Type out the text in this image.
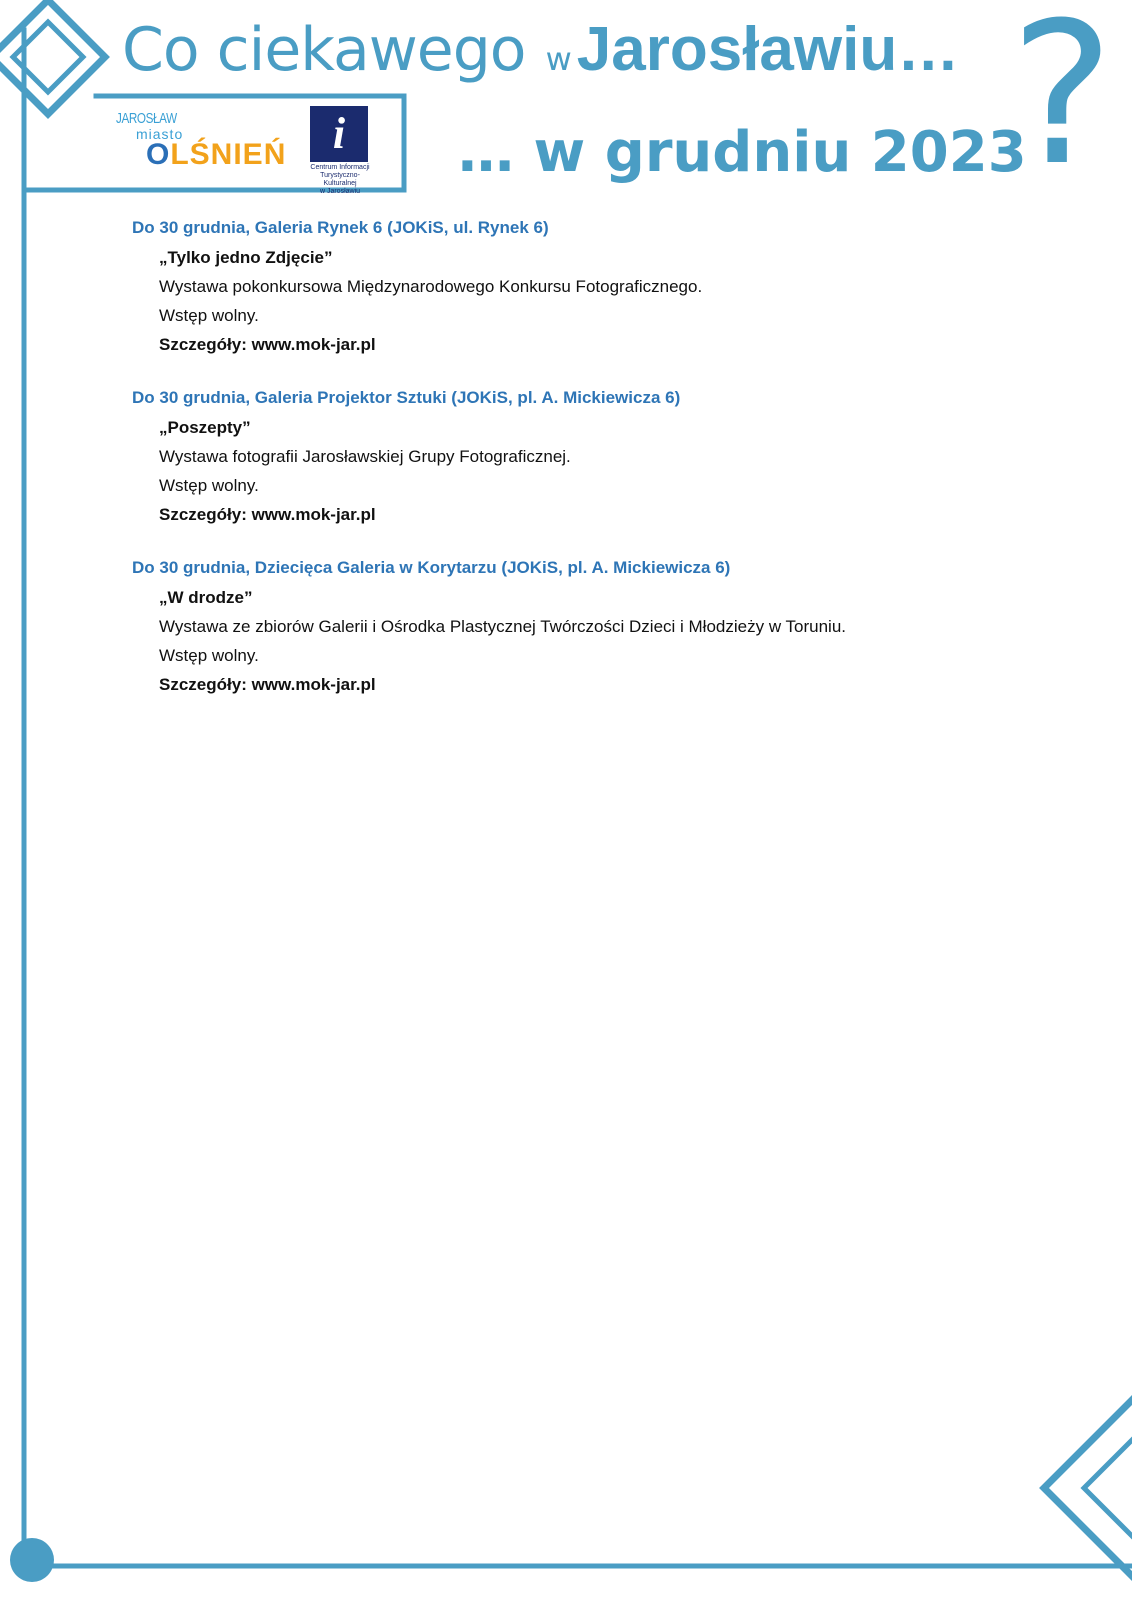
Co ciekawego wJarosławiu… ?
JAROSŁAW
miasto
OLŚNIEŃ	i
Centrum Informacji
Turystyczno-Kulturalnej
w Jarosławiu
… w grudniu 2023

Do 30 grudnia, Galeria Rynek 6 (JOKiS, ul. Rynek 6)

„Tylko jedno Zdjęcie”

Wystawa pokonkursowa Międzynarodowego Konkursu Fotograficznego.

Wstęp wolny.

Szczegóły: www.mok-jar.pl

Do 30 grudnia, Galeria Projektor Sztuki (JOKiS, pl. A. Mickiewicza 6)

„Poszepty”

Wystawa fotografii Jarosławskiej Grupy Fotograficznej.

Wstęp wolny.

Szczegóły: www.mok-jar.pl

Do 30 grudnia, Dziecięca Galeria w Korytarzu (JOKiS, pl. A. Mickiewicza 6)

„W drodze”

Wystawa ze zbiorów Galerii i Ośrodka Plastycznej Twórczości Dzieci i Młodzieży w Toruniu.

Wstęp wolny.

Szczegóły: www.mok-jar.pl
